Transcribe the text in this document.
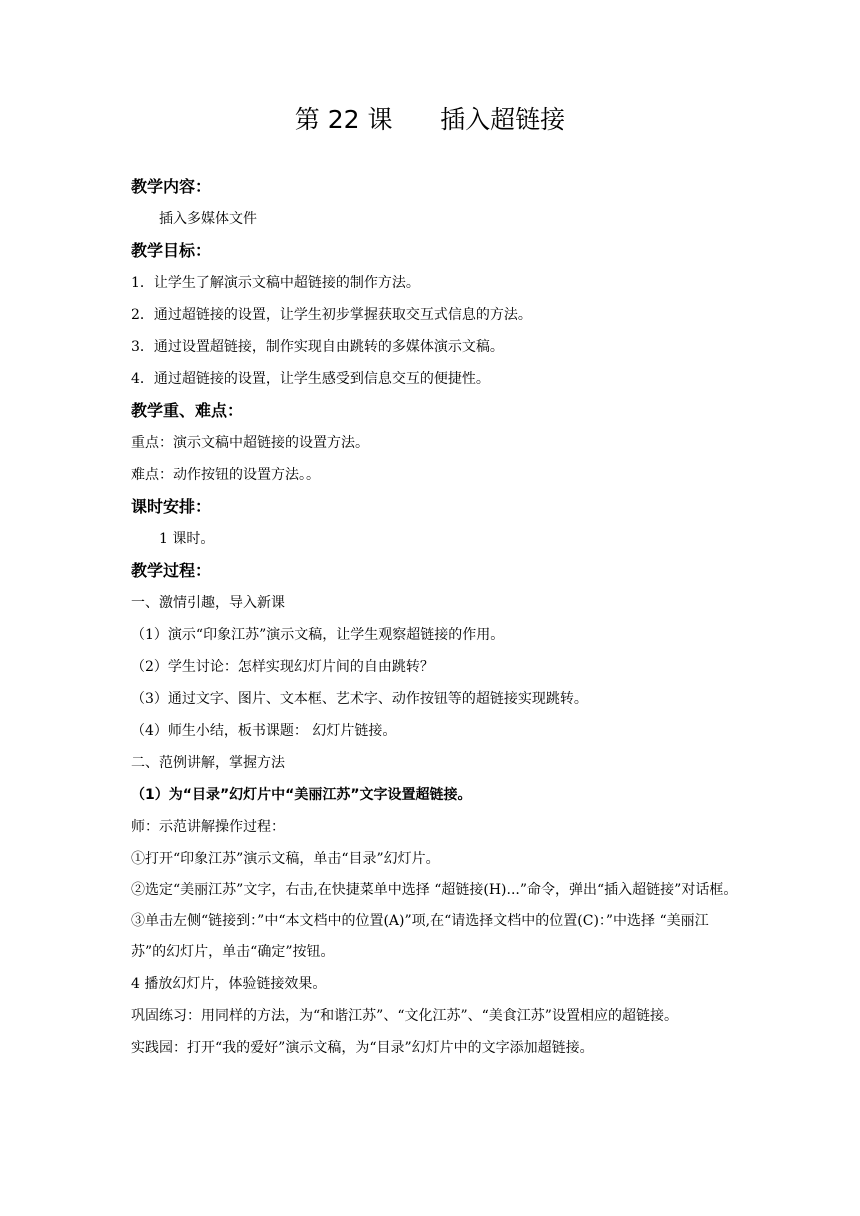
第 22 课      插入超链接
教学内容：
插入多媒体文件
教学目标：
1．让学生了解演示文稿中超链接的制作方法。
2．通过超链接的设置，让学生初步掌握获取交互式信息的方法。
3．通过设置超链接，制作实现自由跳转的多媒体演示文稿。
4．通过超链接的设置，让学生感受到信息交互的便捷性。
教学重、难点：
重点：演示文稿中超链接的设置方法。
难点：动作按钮的设置方法。。
课时安排：
1 课时。
教学过程：
一、激情引趣，导入新课
（1）演示“印象江苏”演示文稿，让学生观察超链接的作用。
（2）学生讨论：怎样实现幻灯片间的自由跳转？
（3）通过文字、图片、文本框、艺术字、动作按钮等的超链接实现跳转。
（4）师生小结，板书课题： 幻灯片链接。
二、范例讲解，掌握方法
（1）为“目录”幻灯片中“美丽江苏”文字设置超链接。
师：示范讲解操作过程：
①打开“印象江苏”演示文稿，单击“目录”幻灯片。
②选定“美丽江苏”文字，右击,在快捷菜单中选择 “超链接(H)...”命令，弹出“插入超链接”对话框。
③单击左侧“链接到：”中“本文档中的位置(A)”项,在“请选择文档中的位置(C)：”中选择 “美丽江苏”的幻灯片，单击“确定”按钮。
4 播放幻灯片，体验链接效果。
巩固练习：用同样的方法，为“和谐江苏”、“文化江苏”、“美食江苏”设置相应的超链接。
实践园：打开“我的爱好”演示文稿，为“目录”幻灯片中的文字添加超链接。
